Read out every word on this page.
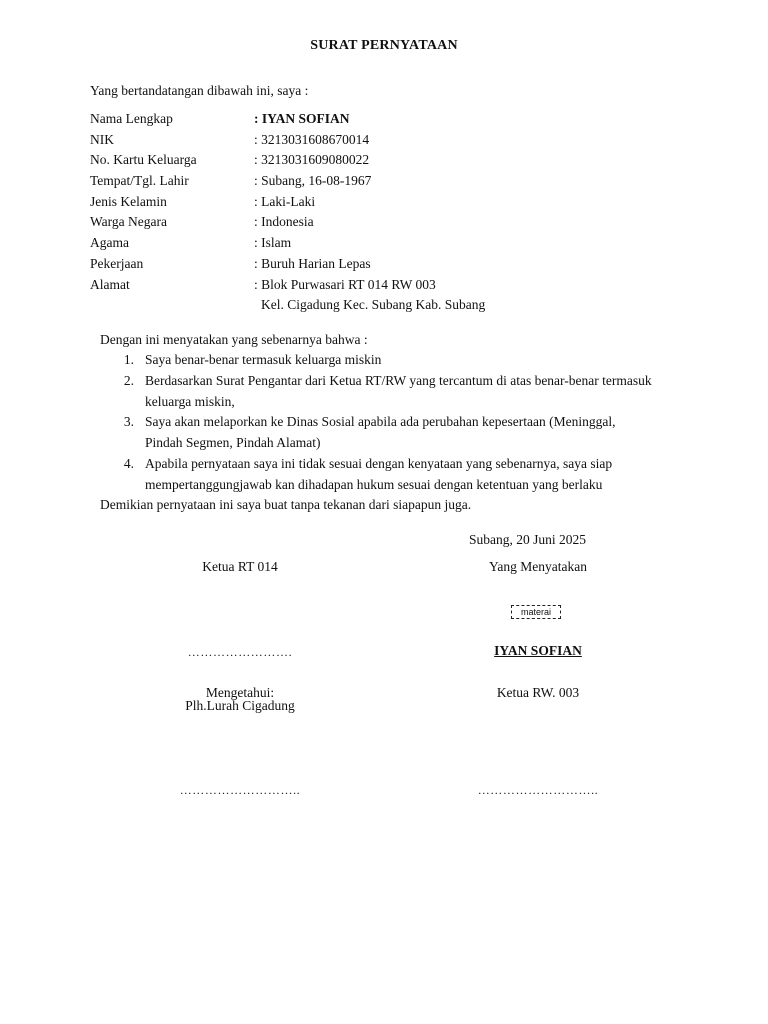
SURAT PERNYATAAN
Yang bertandatangan dibawah ini, saya :
Nama Lengkap	: IYAN SOFIAN
NIK	: 3213031608670014
No. Kartu Keluarga	: 3213031609080022
Tempat/Tgl. Lahir	: Subang, 16-08-1967
Jenis Kelamin	: Laki-Laki
Warga Negara	: Indonesia
Agama	: Islam
Pekerjaan	: Buruh Harian Lepas
Alamat	: Blok Purwasari RT 014 RW 003
Kel. Cigadung Kec. Subang Kab. Subang
Dengan ini menyatakan yang sebenarnya bahwa :
1. Saya benar-benar termasuk keluarga miskin
2. Berdasarkan Surat Pengantar dari Ketua RT/RW yang tercantum di atas benar-benar termasuk
keluarga miskin,
3. Saya akan melaporkan ke Dinas Sosial apabila ada perubahan kepesertaan (Meninggal,
Pindah Segmen, Pindah Alamat)
4. Apabila pernyataan saya ini tidak sesuai dengan kenyataan yang sebenarnya, saya siap
mempertanggungjawab kan dihadapan hukum sesuai dengan ketentuan yang berlaku
Demikian pernyataan ini saya buat tanpa tekanan dari siapapun juga.
Subang, 20 Juni 2025
Ketua RT 014	Yang Menyatakan
materai
…………………….	IYAN SOFIAN
Mengetahui:
Plh.Lurah Cigadung
Ketua RW. 003
………………………..	………………………..
